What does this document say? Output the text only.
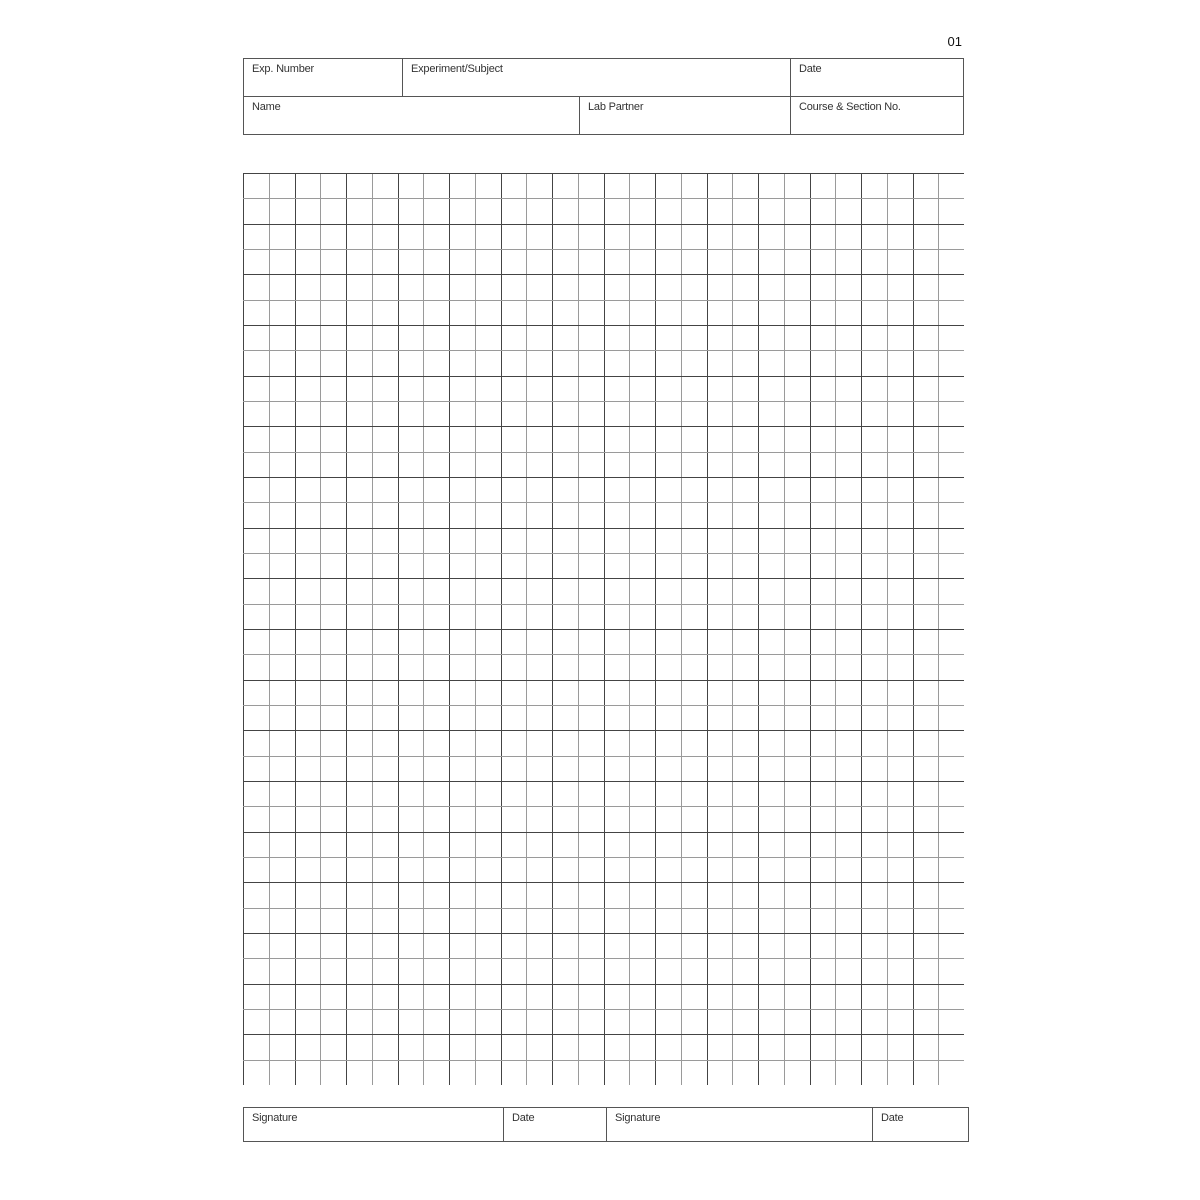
01
Exp. Number	Experiment/Subject	Date
Name	Lab Partner	Course & Section No.
Signature	Date	Signature	Date
